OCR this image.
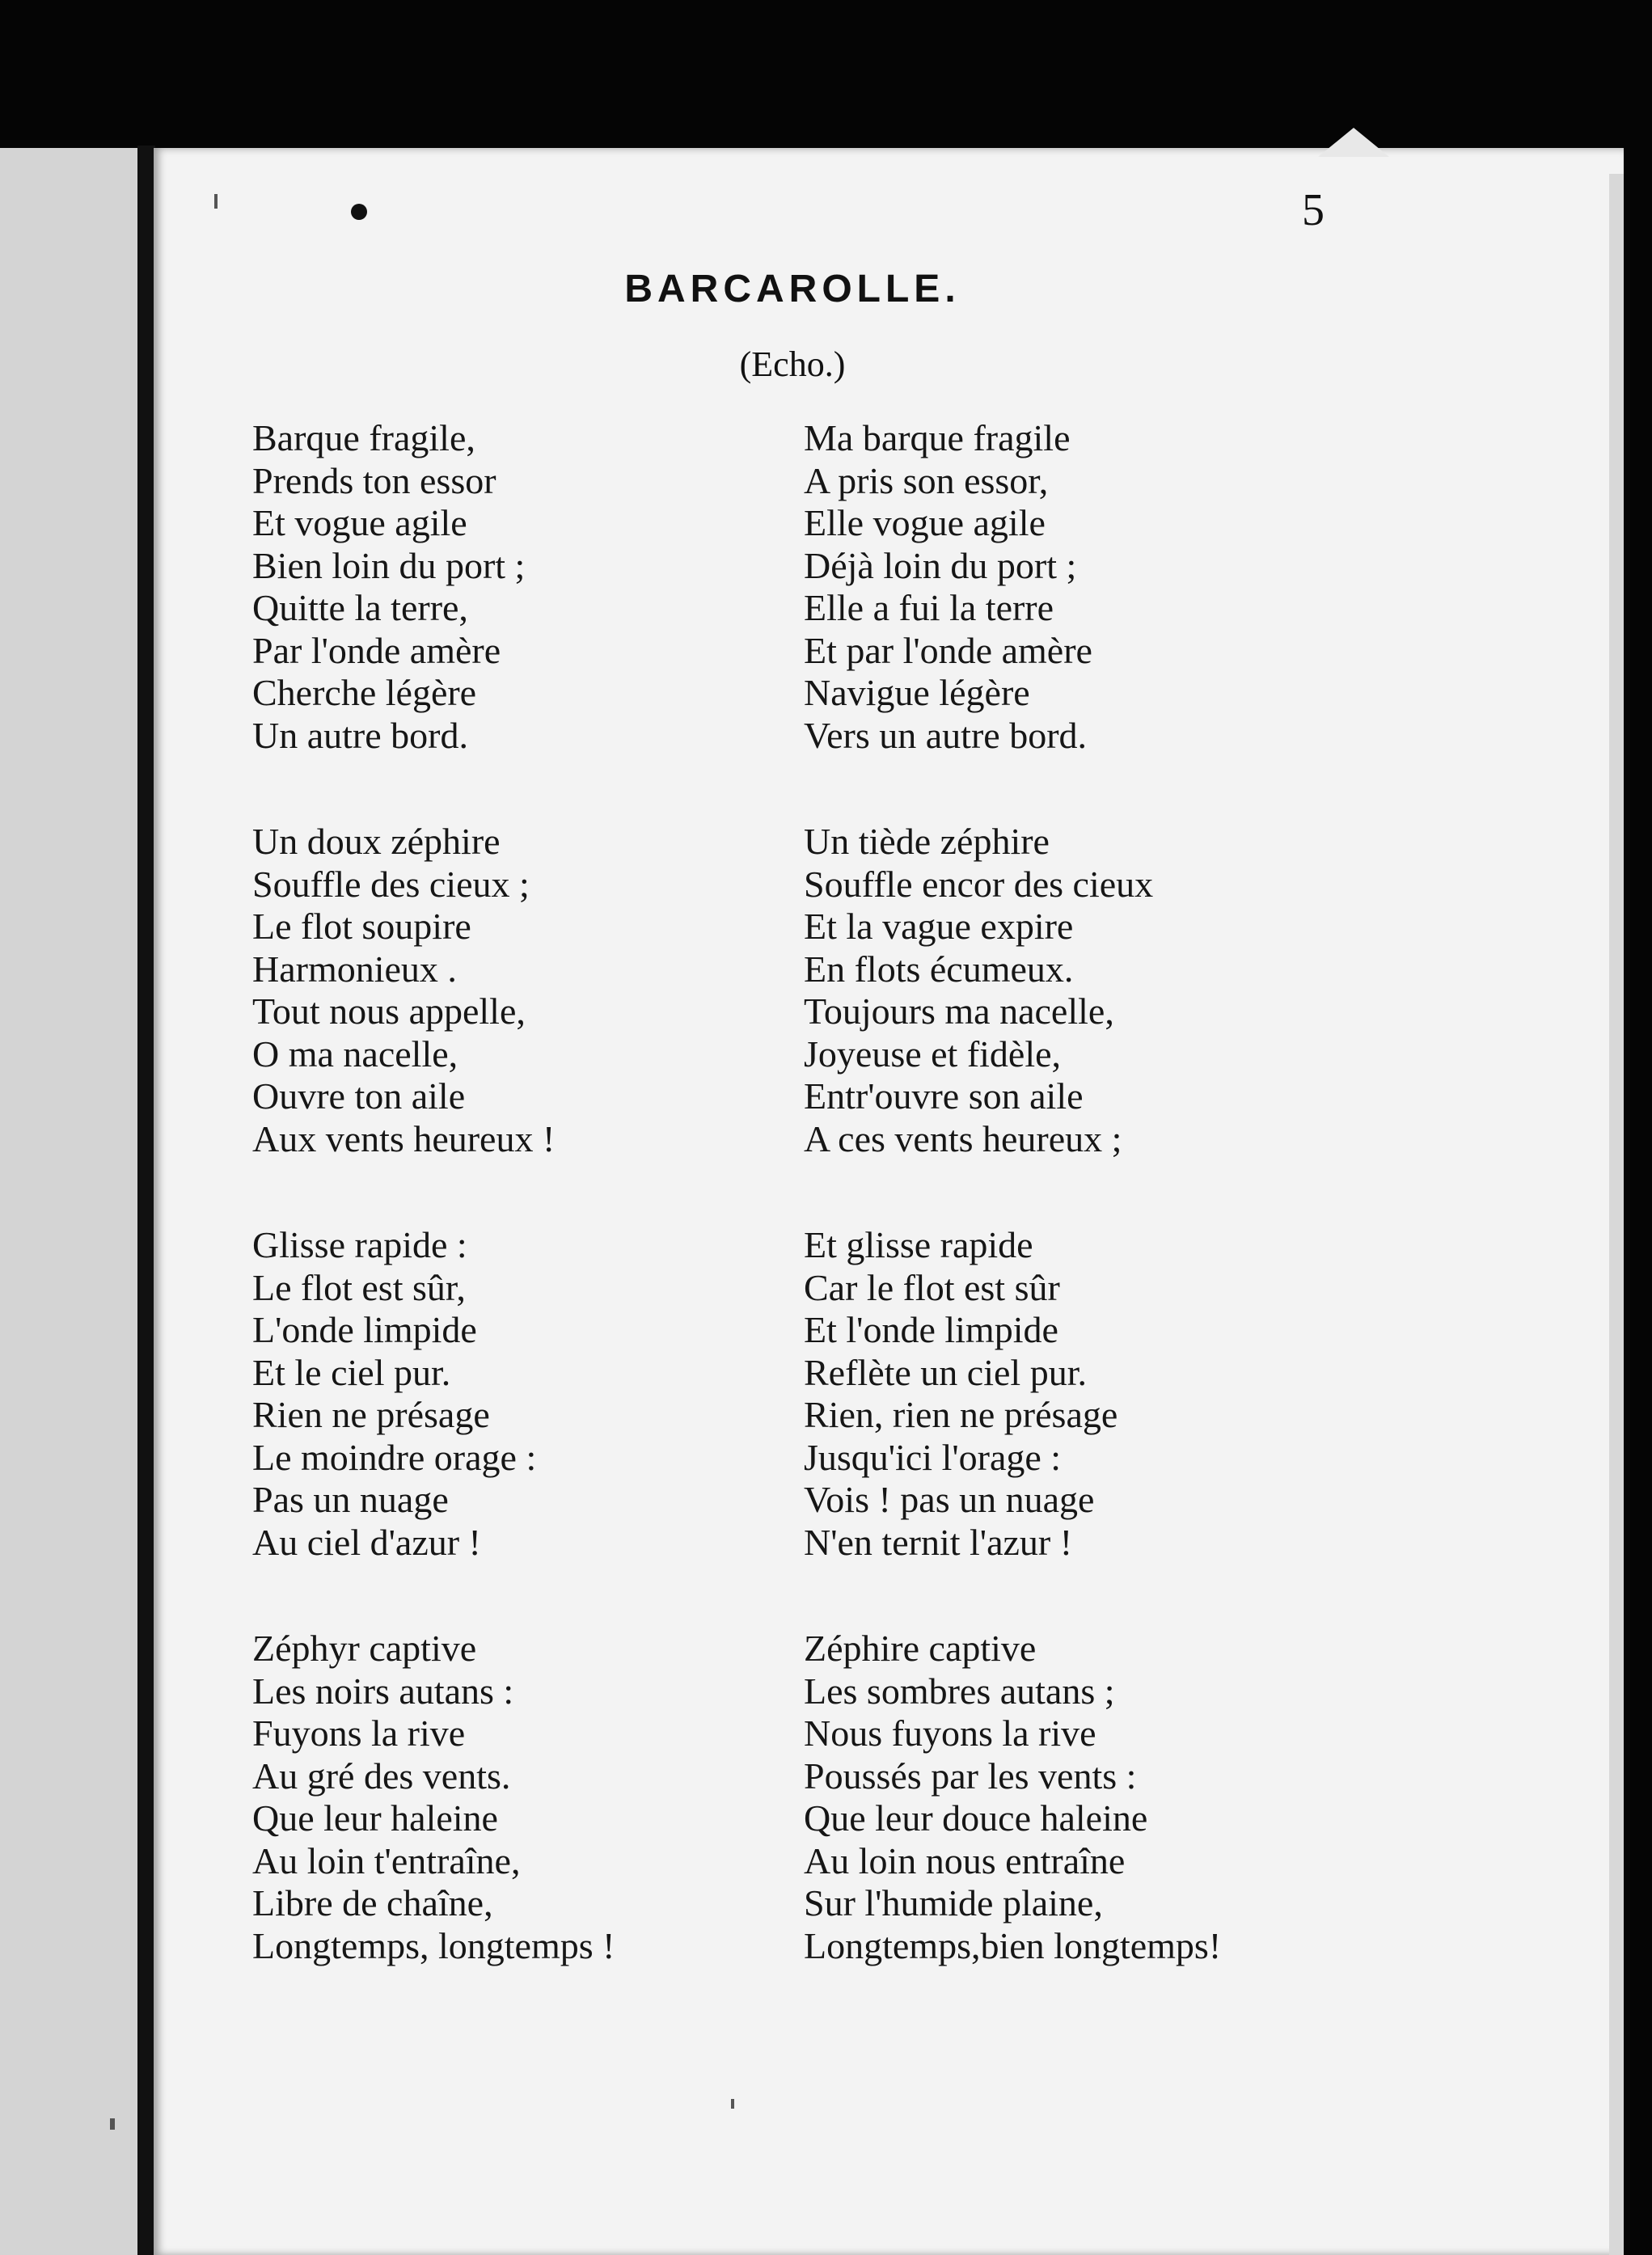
5
BARCAROLLE.
(Echo.)
Barque fragile,
Prends ton essor
Et vogue agile
Bien loin du port ;
Quitte la terre,
Par l'onde amère
Cherche légère
Un autre bord.
Un doux zéphire
Souffle des cieux ;
Le flot soupire
Harmonieux .
Tout nous appelle,
O ma nacelle,
Ouvre ton aile
Aux vents heureux !
Glisse rapide :
Le flot est sûr,
L'onde limpide
Et le ciel pur.
Rien ne présage
Le moindre orage :
Pas un nuage
Au ciel d'azur !
Zéphyr captive
Les noirs autans :
Fuyons la rive
Au gré des vents.
Que leur haleine
Au loin t'entraîne,
Libre de chaîne,
Longtemps, longtemps !
Ma barque fragile
A pris son essor,
Elle vogue agile
Déjà loin du port ;
Elle a fui la terre
Et par l'onde amère
Navigue légère
Vers un autre bord.
Un tiède zéphire
Souffle encor des cieux
Et la vague expire
En flots écumeux.
Toujours ma nacelle,
Joyeuse et fidèle,
Entr'ouvre son aile
A ces vents heureux ;
Et glisse rapide
Car le flot est sûr
Et l'onde limpide
Reflète un ciel pur.
Rien, rien ne présage
Jusqu'ici l'orage :
Vois ! pas un nuage
N'en ternit l'azur !
Zéphire captive
Les sombres autans ;
Nous fuyons la rive
Poussés par les vents :
Que leur douce haleine
Au loin nous entraîne
Sur l'humide plaine,
Longtemps,bien longtemps!
